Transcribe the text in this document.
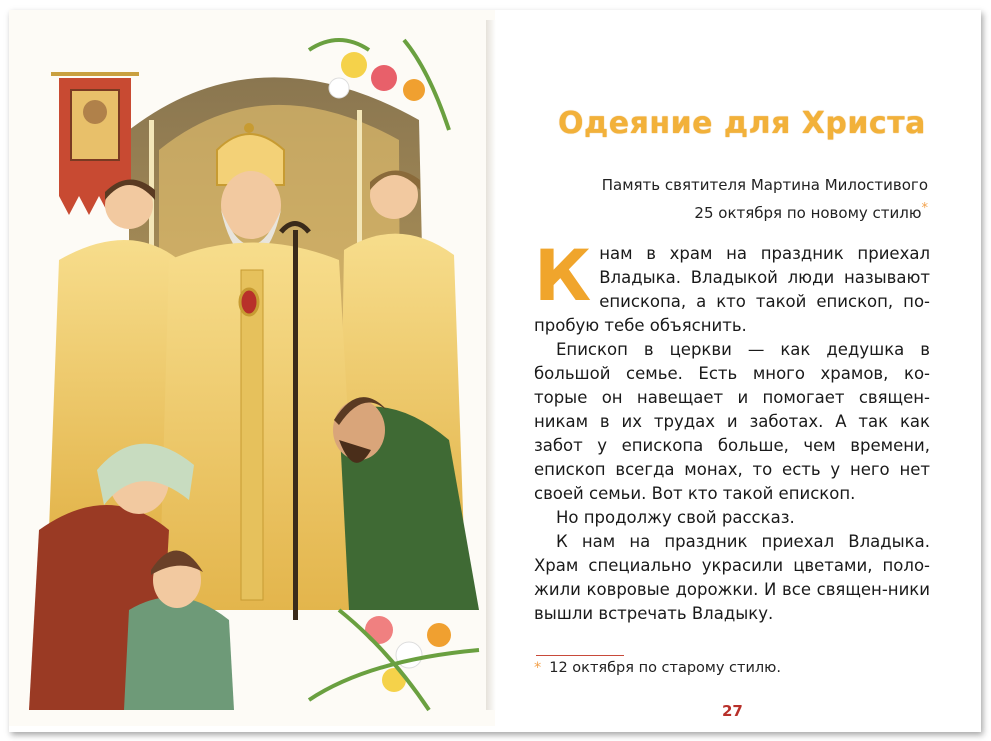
Одеяние для Христа
Память святителя Мартина Милостивого
25 октября по новому стилю*

Кнам в храм на праздник приехал Владыка. Владыкой люди называют епископа, а кто такой епископ, по-пробую тебе объяснить.

Епископ в церкви — как дедушка в большой семье. Есть много храмов, ко-торые он навещает и помогает священ-никам в их трудах и заботах. А так как забот у епископа больше, чем времени, епископ всегда монах, то есть у него нет своей семьи. Вот кто такой епископ.

Но продолжу свой рассказ.

К нам на праздник приехал Владыка. Храм специально украсили цветами, поло-жили ковровые дорожки. И все священ-ники вышли встречать Владыку.

* 12 октября по старому стилю.
27
